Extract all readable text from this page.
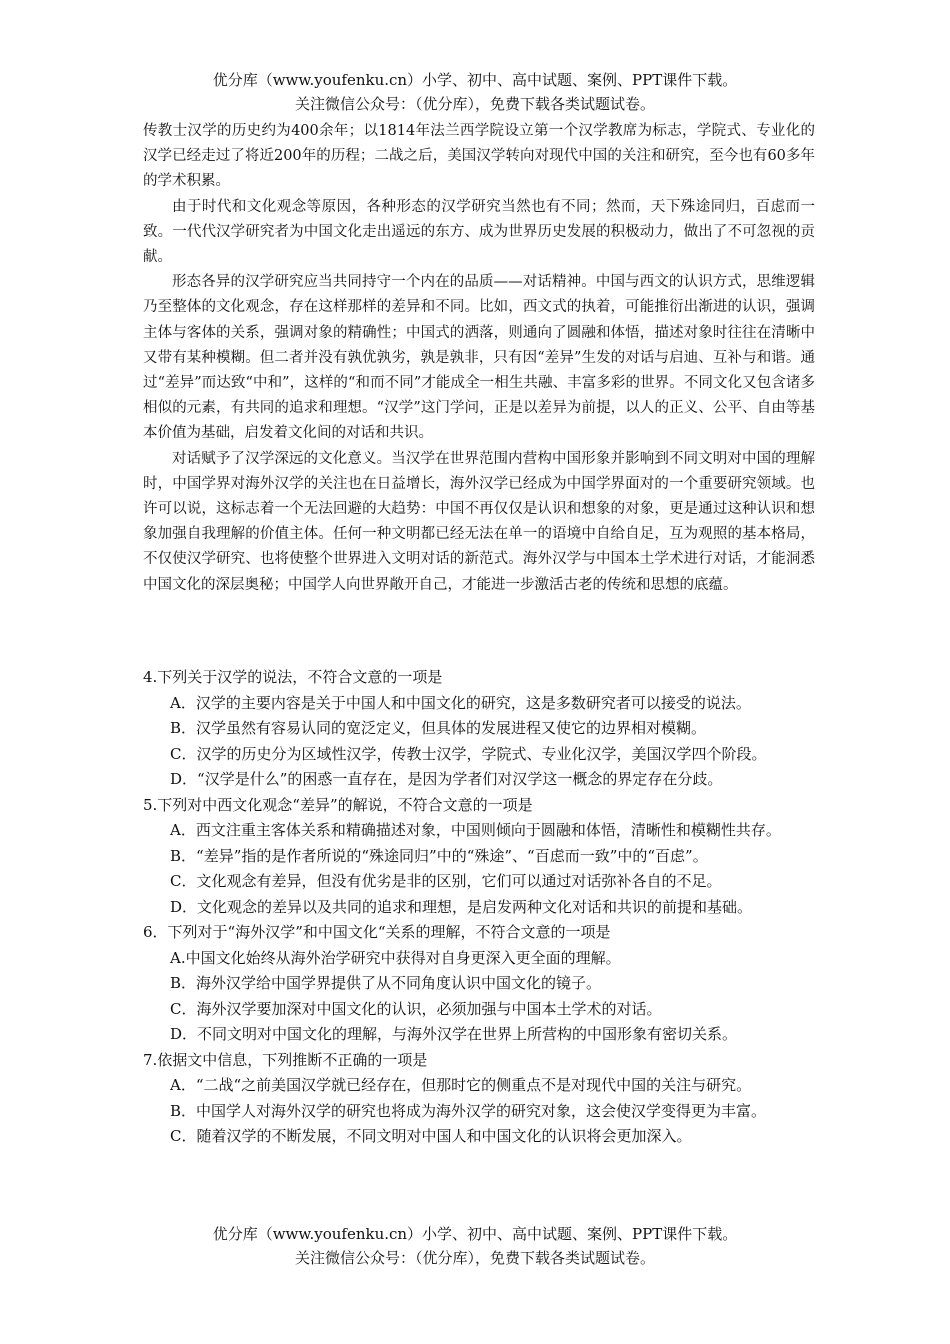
优分库（www.youfenku.cn）小学、初中、高中试题、案例、PPT课件下载。
关注微信公众号：（优分库），免费下载各类试题试卷。

传教士汉学的历史约为400余年；以1814年法兰西学院设立第一个汉学教席为标志，学院式、专业化的汉学已经走过了将近200年的历程；二战之后，美国汉学转向对现代中国的关注和研究，至今也有60多年的学术积累。

由于时代和文化观念等原因，各种形态的汉学研究当然也有不同；然而，天下殊途同归，百虑而一致。一代代汉学研究者为中国文化走出遥远的东方、成为世界历史发展的积极动力，做出了不可忽视的贡献。

形态各异的汉学研究应当共同持守一个内在的品质——对话精神。中国与西文的认识方式，思维逻辑乃至整体的文化观念，存在这样那样的差异和不同。比如，西文式的执着，可能推衍出渐进的认识，强调主体与客体的关系，强调对象的精确性；中国式的洒落，则通向了圆融和体悟，描述对象时往往在清晰中又带有某种模糊。但二者并没有孰优孰劣，孰是孰非，只有因“差异”生发的对话与启迪、互补与和谐。通过“差异”而达致“中和”，这样的“和而不同”才能成全一相生共融、丰富多彩的世界。不同文化又包含诸多相似的元素，有共同的追求和理想。“汉学”这门学问，正是以差异为前提，以人的正义、公平、自由等基本价值为基础，启发着文化间的对话和共识。

对话赋予了汉学深远的文化意义。当汉学在世界范围内营构中国形象并影响到不同文明对中国的理解时，中国学界对海外汉学的关注也在日益增长，海外汉学已经成为中国学界面对的一个重要研究领域。也许可以说，这标志着一个无法回避的大趋势：中国不再仅仅是认识和想象的对象，更是通过这种认识和想象加强自我理解的价值主体。任何一种文明都已经无法在单一的语境中自给自足，互为观照的基本格局，不仅使汉学研究、也将使整个世界进入文明对话的新范式。海外汉学与中国本土学术进行对话，才能洞悉中国文化的深层奥秘；中国学人向世界敞开自己，才能进一步激活古老的传统和思想的底蕴。

4.下列关于汉学的说法，不符合文意的一项是

A．汉学的主要内容是关于中国人和中国文化的研究，这是多数研究者可以接受的说法。

B．汉学虽然有容易认同的宽泛定义，但具体的发展进程又使它的边界相对模糊。

C．汉学的历史分为区域性汉学，传教士汉学，学院式、专业化汉学，美国汉学四个阶段。

D．“汉学是什么”的困惑一直存在，是因为学者们对汉学这一概念的界定存在分歧。

5.下列对中西文化观念“差异”的解说，不符合文意的一项是

A．西文注重主客体关系和精确描述对象，中国则倾向于圆融和体悟，清晰性和模糊性共存。

B．“差异”指的是作者所说的“殊途同归”中的“殊途”、“百虑而一致”中的“百虑”。

C．文化观念有差异，但没有优劣是非的区别，它们可以通过对话弥补各自的不足。

D．文化观念的差异以及共同的追求和理想，是启发两种文化对话和共识的前提和基础。

6．下列对于“海外汉学”和中国文化“关系的理解，不符合文意的一项是

A.中国文化始终从海外治学研究中获得对自身更深入更全面的理解。

B．海外汉学给中国学界提供了从不同角度认识中国文化的镜子。

C．海外汉学要加深对中国文化的认识，必须加强与中国本土学术的对话。

D．不同文明对中国文化的理解，与海外汉学在世界上所营构的中国形象有密切关系。

7.依据文中信息，下列推断不正确的一项是

A．“二战“之前美国汉学就已经存在，但那时它的侧重点不是对现代中国的关注与研究。

B．中国学人对海外汉学的研究也将成为海外汉学的研究对象，这会使汉学变得更为丰富。

C．随着汉学的不断发展，不同文明对中国人和中国文化的认识将会更加深入。

优分库（www.youfenku.cn）小学、初中、高中试题、案例、PPT课件下载。
关注微信公众号：（优分库），免费下载各类试题试卷。
